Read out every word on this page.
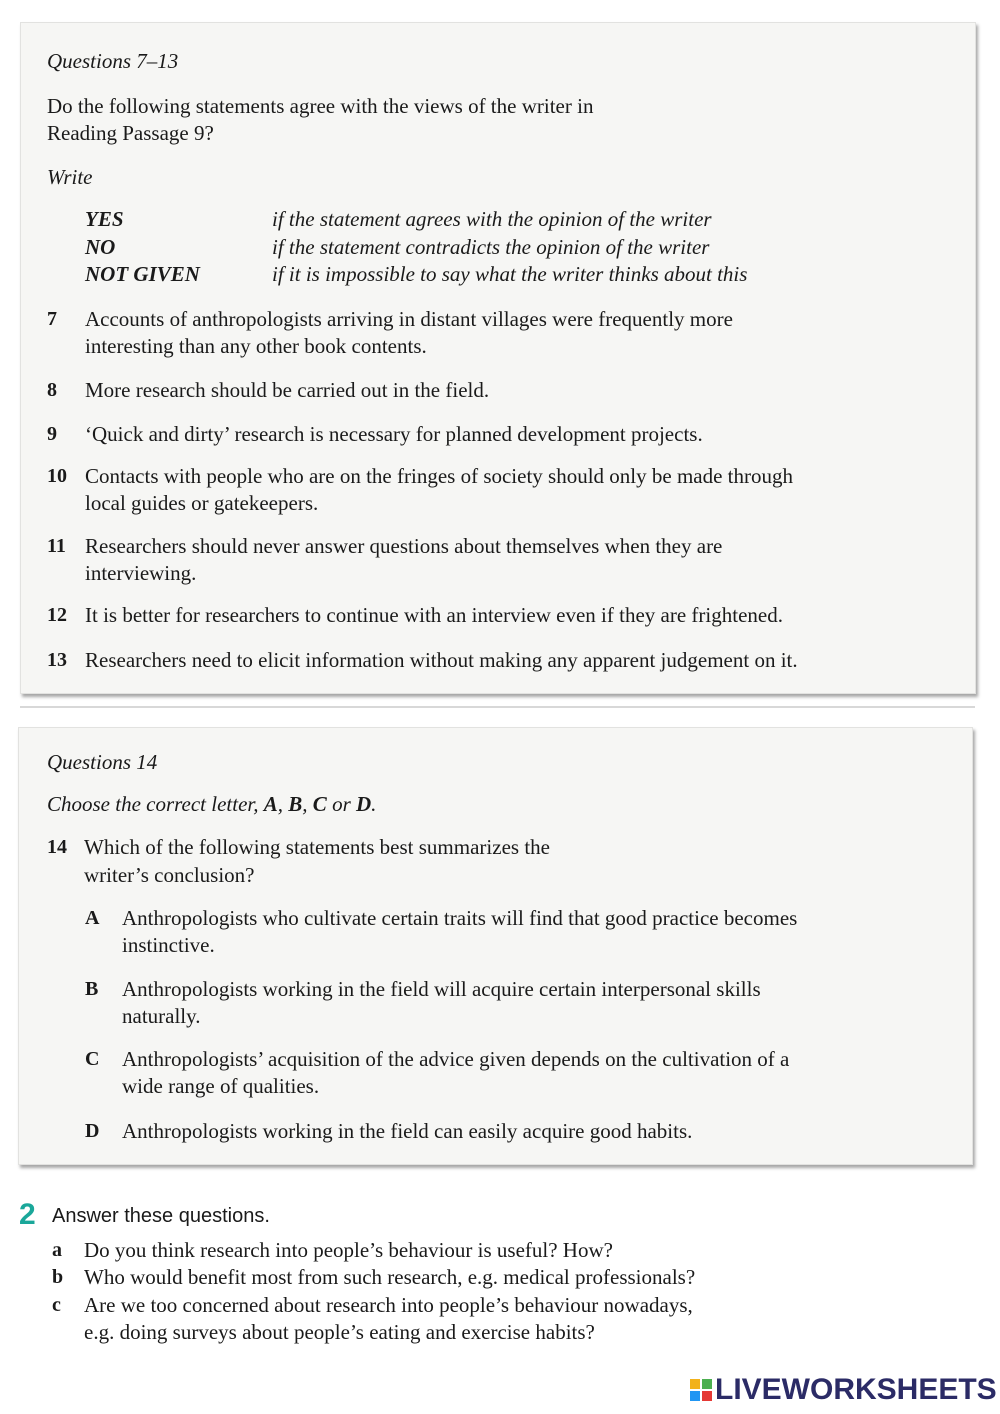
Questions 7–13
Do the following statements agree with the views of the writer in
Reading Passage 9?
Write
YES	if the statement agrees with the opinion of the writer
NO	if the statement contradicts the opinion of the writer
NOT GIVEN	if it is impossible to say what the writer thinks about this
7 Accounts of anthropologists arriving in distant villages were frequently more
interesting than any other book contents.
8 More research should be carried out in the field.
9 ‘Quick and dirty’ research is necessary for planned development projects.
10 Contacts with people who are on the fringes of society should only be made through
local guides or gatekeepers.
11 Researchers should never answer questions about themselves when they are
interviewing.
12 It is better for researchers to continue with an interview even if they are frightened.
13 Researchers need to elicit information without making any apparent judgement on it.
Questions 14
Choose the correct letter, A, B, C or D.
14 Which of the following statements best summarizes the
writer’s conclusion?
A Anthropologists who cultivate certain traits will find that good practice becomes
instinctive.
B Anthropologists working in the field will acquire certain interpersonal skills
naturally.
C Anthropologists’ acquisition of the advice given depends on the cultivation of a
wide range of qualities.
D Anthropologists working in the field can easily acquire good habits.
2 Answer these questions.
a Do you think research into people’s behaviour is useful? How?
b Who would benefit most from such research, e.g. medical professionals?
c Are we too concerned about research into people’s behaviour nowadays,
e.g. doing surveys about people’s eating and exercise habits?
LIVEWORKSHEETS
